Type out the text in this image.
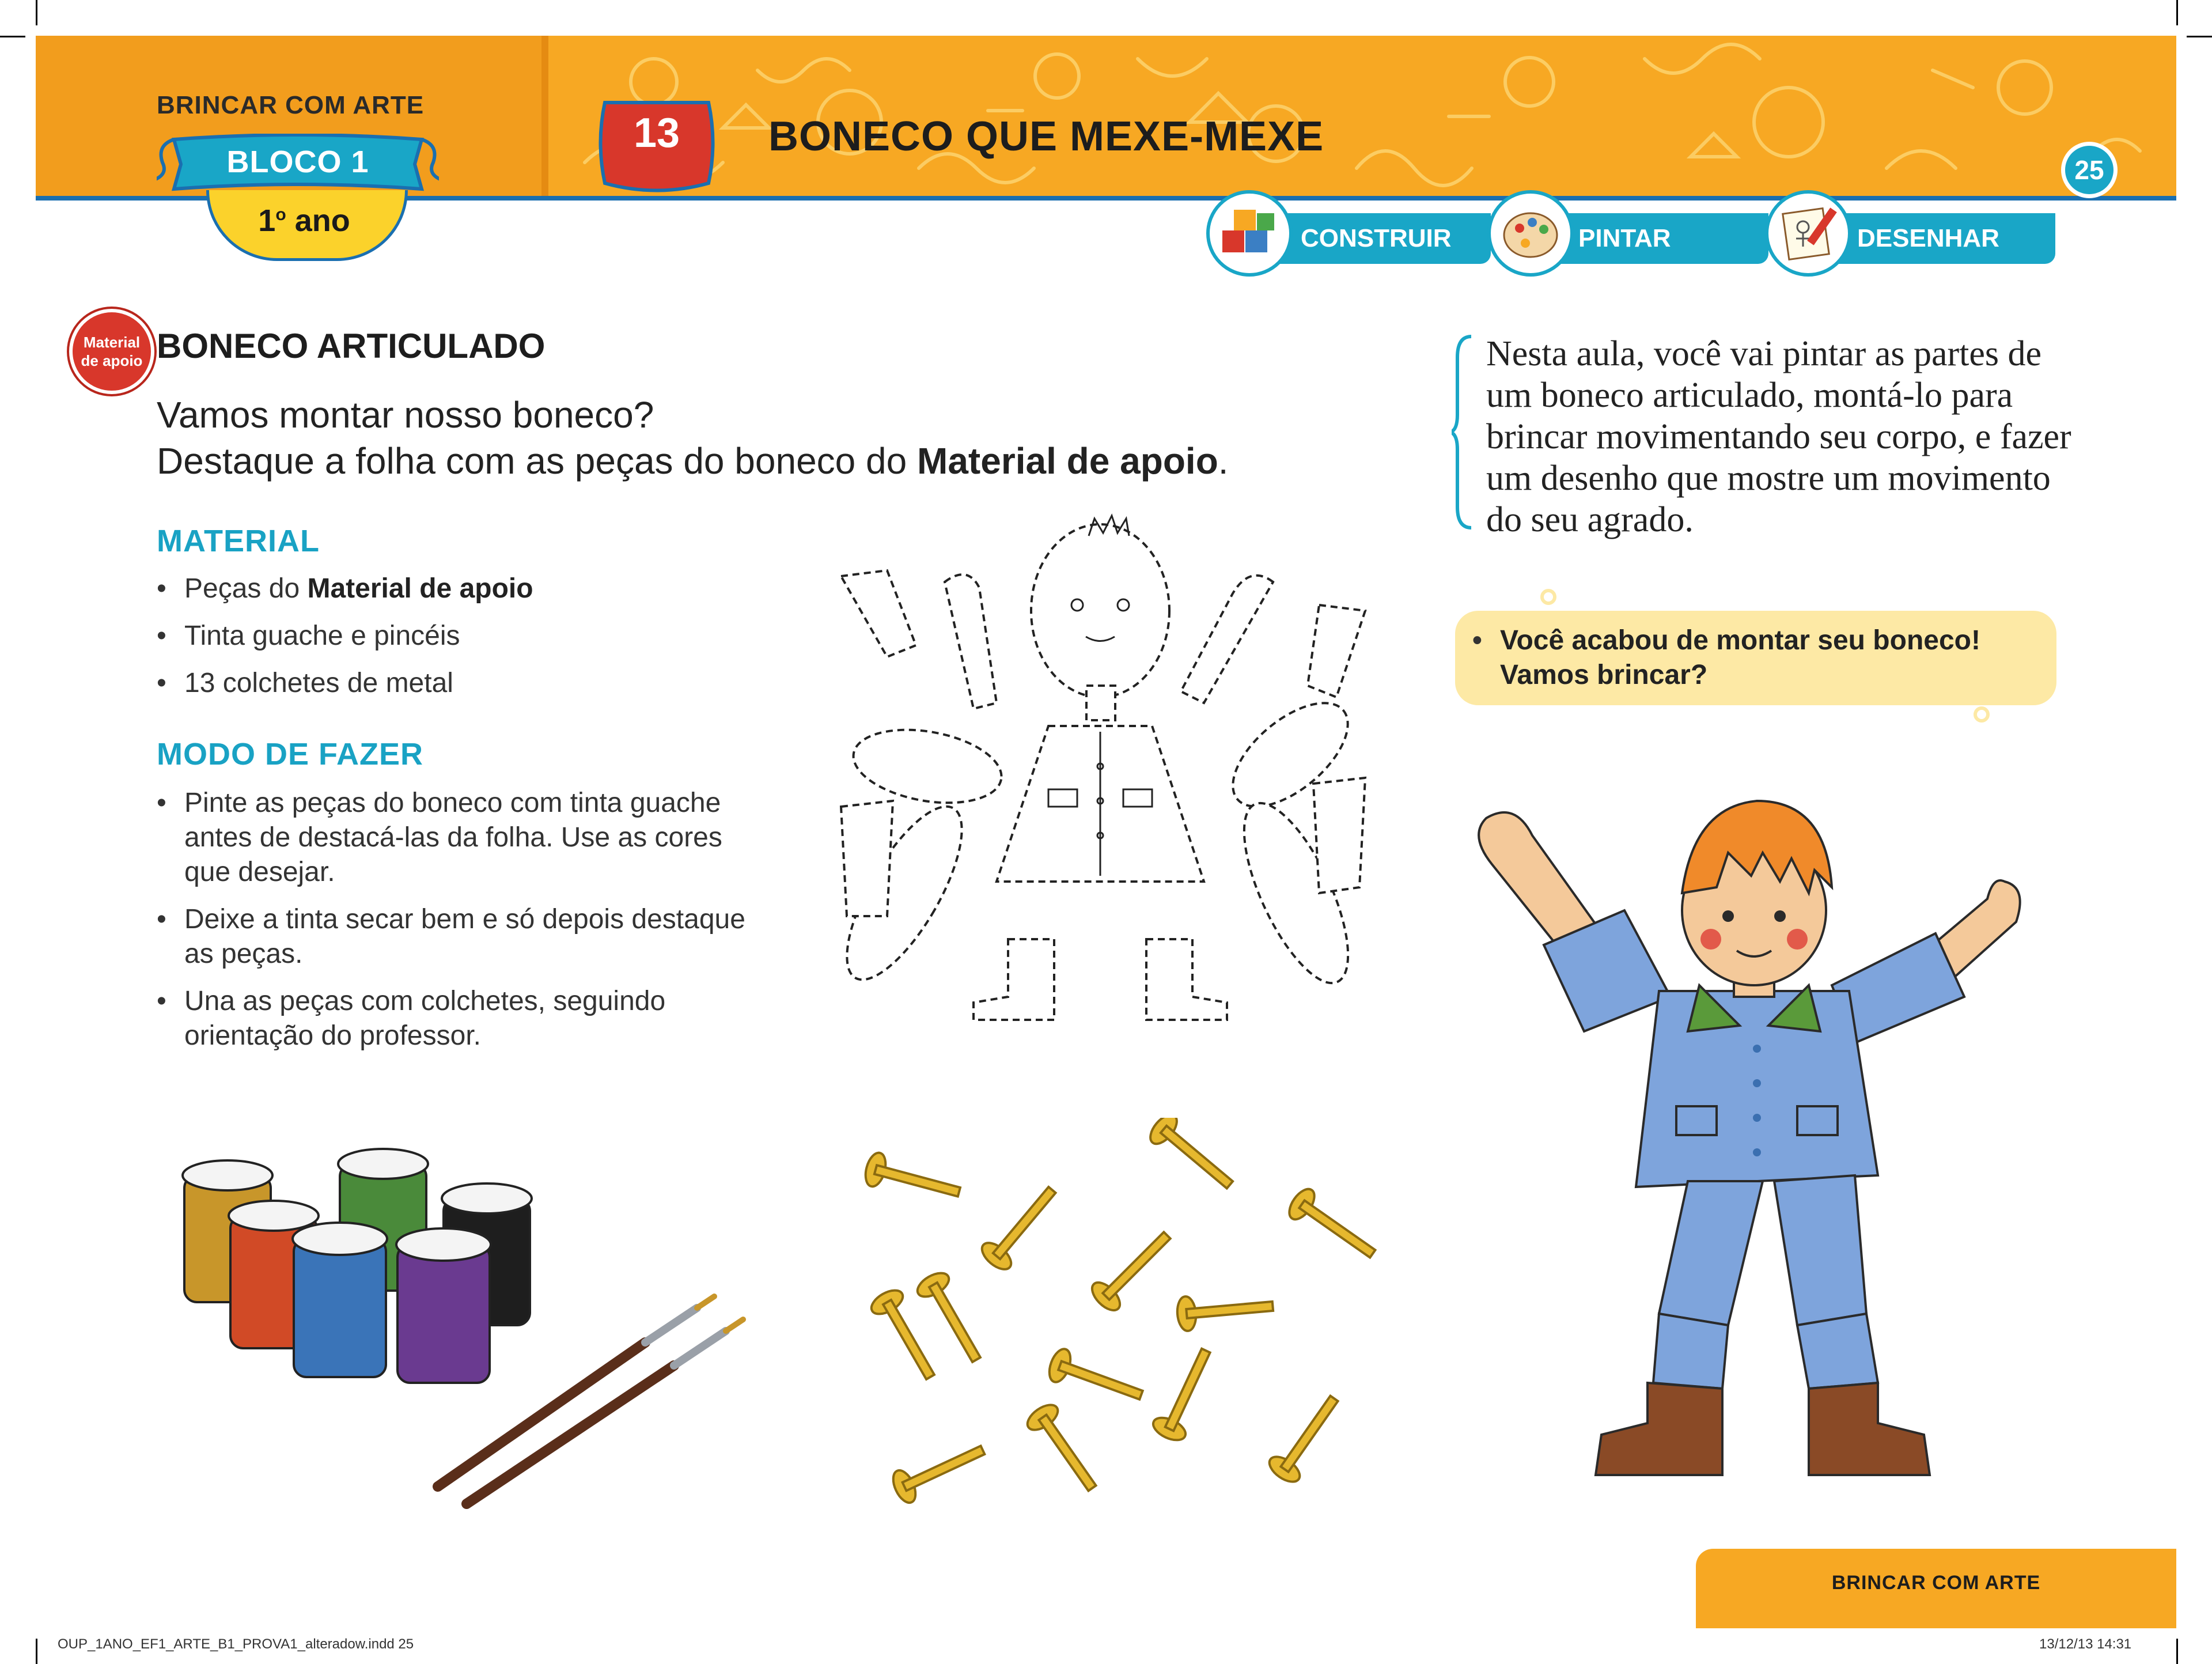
BRINCAR COM ARTE
BLOCO 1
1$^o$ ano
13	BONECO QUE MEXE-MEXE
25
CONSTRUIR	PINTAR	DESENHAR
Material
de apoio BONECO ARTICULADO
Vamos montar nosso boneco?
Destaque a folha com as peças do boneco do Material de apoio.
MATERIAL
• Peças do Material de apoio
• Tinta guache e pincéis
• 13 colchetes de metal
MODO DE FAZER
• Pinte as peças do boneco com tinta guache antes de destacá-las da folha. Use as cores que desejar.
• Deixe a tinta secar bem e só depois destaque as peças.
• Una as peças com colchetes, seguindo orientação do professor.
Nesta aula, você vai pintar as partes de um boneco articulado, montá-lo para brincar movimentando seu corpo, e fazer um desenho que mostre um movimento do seu agrado.
• Você acabou de montar seu boneco!
Vamos brincar?
BRINCAR COM ARTE
OUP_1ANO_EF1_ARTE_B1_PROVA1_alteradow.indd 25	13/12/13 14:31
